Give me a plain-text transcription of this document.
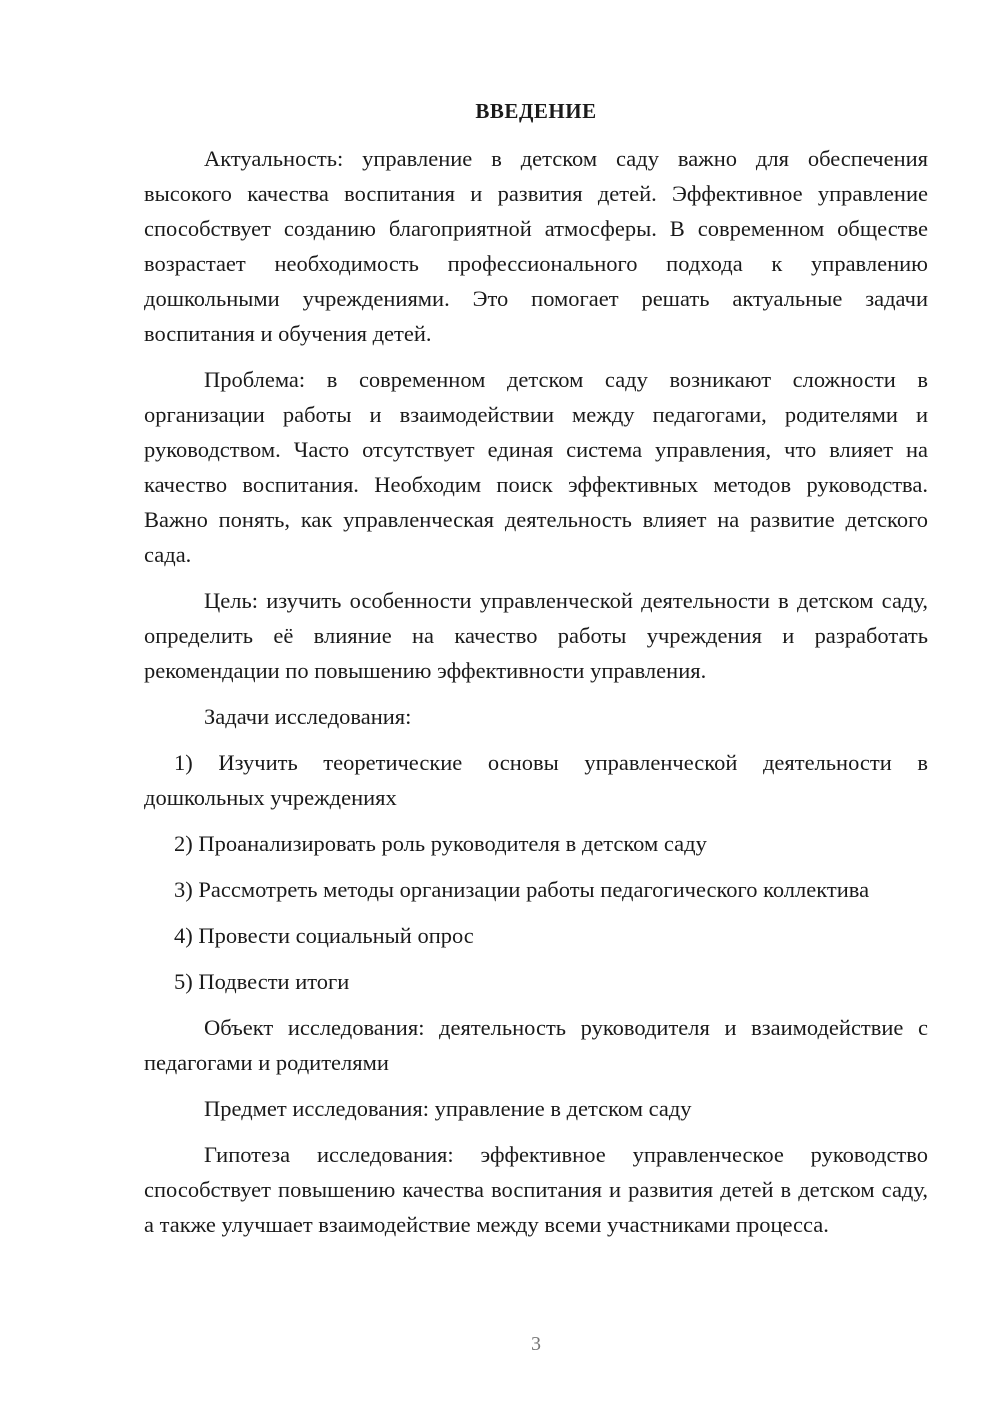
ВВЕДЕНИЕ

Актуальность: управление в детском саду важно для обеспечения высокого качества воспитания и развития детей. Эффективное управление способствует созданию благоприятной атмосферы. В современном обществе возрастает необходимость профессионального подхода к управлению дошкольными учреждениями. Это помогает решать актуальные задачи воспитания и обучения детей.

Проблема: в современном детском саду возникают сложности в организации работы и взаимодействии между педагогами, родителями и руководством. Часто отсутствует единая система управления, что влияет на качество воспитания. Необходим поиск эффективных методов руководства. Важно понять, как управленческая деятельность влияет на развитие детского сада.

Цель: изучить особенности управленческой деятельности в детском саду, определить её влияние на качество работы учреждения и разработать рекомендации по повышению эффективности управления.

Задачи исследования:

1) Изучить теоретические основы управленческой деятельности в дошкольных учреждениях

2) Проанализировать роль руководителя в детском саду

3) Рассмотреть методы организации работы педагогического коллектива

4) Провести социальный опрос

5) Подвести итоги

Объект исследования: деятельность руководителя и взаимодействие с педагогами и родителями

Предмет исследования: управление в детском саду

Гипотеза исследования: эффективное управленческое руководство способствует повышению качества воспитания и развития детей в детском саду, а также улучшает взаимодействие между всеми участниками процесса.

3
